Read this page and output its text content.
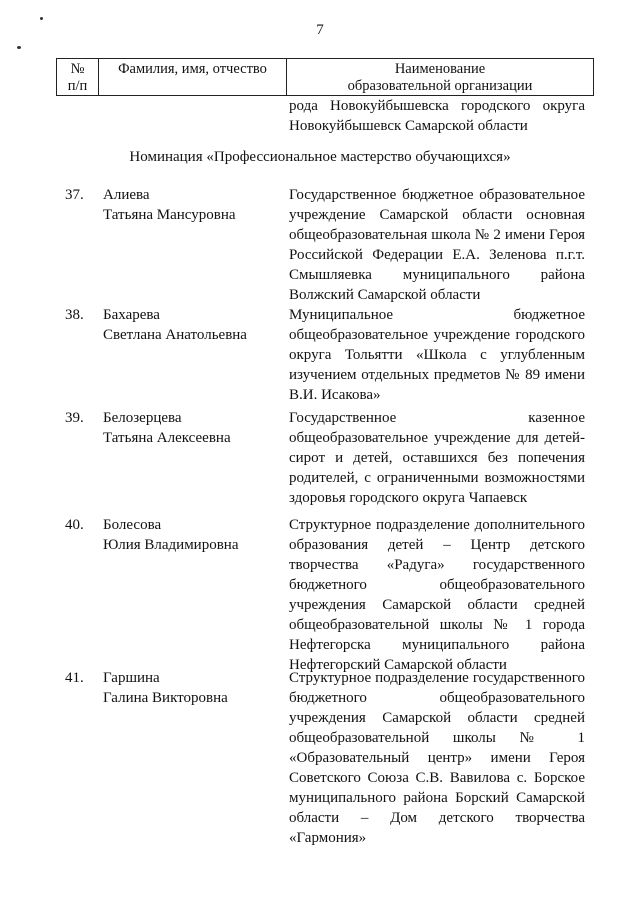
7
№
п/п
Фамилия, имя, отчество	Наименование
образовательной организации
рода Новокуйбышевска городского округа Новокуйбышевск Самарской области
Номинация «Профессиональное мастерство обучающихся»
37. Алиева
Татьяна Мансуровна

Государственное бюджетное образовательное учреждение Самарской области основная общеобразовательная школа № 2 имени Героя Российской Федерации Е.А. Зеленова п.г.т. Смышляевка муниципального района Волжский Самарской области

38. Бахарева
Светлана Анатольевна

Муниципальное бюджетное общеобразовательное учреждение городского округа Тольятти «Школа с углубленным изучением отдельных предметов № 89 имени В.И. Исакова»

39. Белозерцева
Татьяна Алексеевна

Государственное казенное общеобразовательное учреждение для детей-сирот и детей, оставшихся без попечения родителей, с ограниченными возможностями здоровья городского округа Чапаевск

40. Болесова
Юлия Владимировна

Структурное подразделение дополнительного образования детей – Центр детского творчества «Радуга» государственного бюджетного общеобразовательного учреждения Самарской области средней общеобразовательной школы № 1 города Нефтегорска муниципального района Нефтегорский Самарской области

41. Гаршина
Галина Викторовна

Структурное подразделение государственного бюджетного общеобразовательного учреждения Самарской области средней общеобразовательной школы № 1 «Образовательный центр» имени Героя Советского Союза С.В. Вавилова с. Борское муниципального района Борский Самарской области – Дом детского творчества «Гармония»
